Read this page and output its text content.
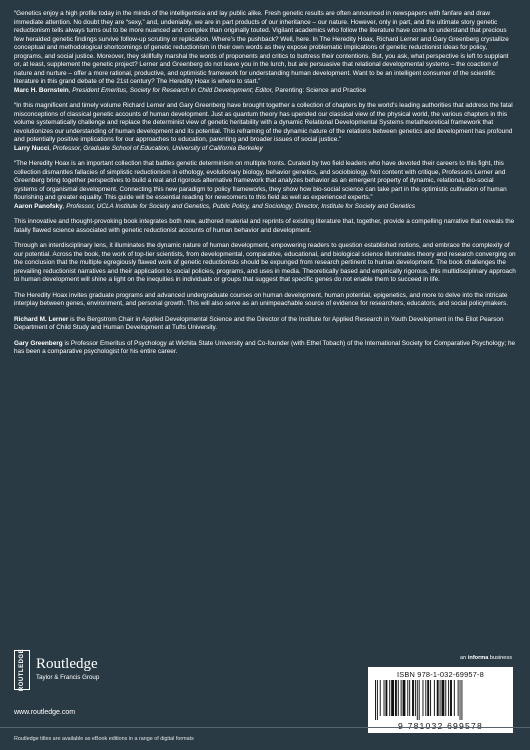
“Genetics enjoy a high profile today in the minds of the intelligentsia and lay public alike. Fresh genetic results are often announced in newspapers with fanfare and draw immediate attention. No doubt they are “sexy,” and, undeniably, we are in part products of our inheritance – our nature. However, only in part, and the ultimate story genetic reductionism tells always turns out to be more nuanced and complex than originally touted. Vigilant academics who follow the literature have come to understand that precious few heralded genetic findings survive follow-up scrutiny or replication. Where’s the pushback? Well, here. In The Heredity Hoax, Richard Lerner and Gary Greenberg crystallize conceptual and methodological shortcomings of genetic reductionism in their own words as they expose problematic implications of genetic reductionist ideas for policy, programs, and social justice. Moreover, they skillfully marshal the words of proponents and critics to buttress their contentions. But, you ask, what perspective is left to supplant or, at least, supplement the genetic project? Lerner and Greenberg do not leave you in the lurch, but are persuasive that relational developmental systems – the coaction of nature and nurture – offer a more rational, productive, and optimistic framework for understanding human development. Want to be an intelligent consumer of the scientific literature in this grand debate of the 21st century? The Heredity Hoax is where to start.”

Marc H. Bornstein, President Emeritus, Society for Research in Child Development; Editor, Parenting: Science and Practice

“In this magnificent and timely volume Richard Lerner and Gary Greenberg have brought together a collection of chapters by the world’s leading authorities that address the fatal misconceptions of classical genetic accounts of human development. Just as quantum theory has upended our classical view of the physical world, the various chapters in this volume systematically challenge and replace the determinist view of genetic heritability with a dynamic Relational Developmental Systems metatheoretical framework that revolutionizes our understanding of human development and its potential. This reframing of the dynamic nature of the relations between genetics and development has profound and potentially positive implications for our approaches to education, parenting and broader issues of social justice.”

Larry Nucci, Professor, Graduate School of Education, University of California Berkeley

“The Heredity Hoax is an important collection that battles genetic determinism on multiple fronts. Curated by two field leaders who have devoted their careers to this fight, this collection dismantles fallacies of simplistic reductionism in ethology, evolutionary biology, behavior genetics, and sociobiology. Not content with critique, Professors Lerner and Greenberg bring together perspectives to build a real and rigorous alternative framework that analyzes behavior as an emergent property of dynamic, relational, bio-social systems of organismal development. Connecting this new paradigm to policy frameworks, they show how bio-social science can take part in the optimistic cultivation of human flourishing and greater equality. This guide will be essential reading for newcomers to this field as well as experienced experts.”

Aaron Panofsky, Professor, UCLA Institute for Society and Genetics, Public Policy, and Sociology; Director, Institute for Society and Genetics

This innovative and thought-provoking book integrates both new, authored material and reprints of existing literature that, together, provide a compelling narrative that reveals the fatally flawed science associated with genetic reductionist accounts of human behavior and development.

Through an interdisciplinary lens, it illuminates the dynamic nature of human development, empowering readers to question established notions, and embrace the complexity of our potential. Across the book, the work of top-tier scientists, from developmental, comparative, educational, and biological science illuminates theory and research converging on the conclusion that the multiple egregiously flawed work of genetic reductionists should be expunged from research pertinent to human development. The book challenges the prevailing reductionist narratives and their application to social policies, programs, and uses in media. Theoretically based and empirically rigorous, this multidisciplinary approach to human development will shine a light on the inequities in individuals or groups that suggest that specific genes do not enable them to succeed in life.

The Heredity Hoax invites graduate programs and advanced undergraduate courses on human development, human potential, epigenetics, and more to delve into the intricate interplay between genes, environment, and personal growth. This will also serve as an unimpeachable source of evidence for researchers, educators, and social policymakers.

Richard M. Lerner is the Bergstrom Chair in Applied Developmental Science and the Director of the Institute for Applied Research in Youth Development in the Eliot Pearson Department of Child Study and Human Development at Tufts University.

Gary Greenberg is Professor Emeritus of Psychology at Wichita State University and Co-founder (with Ethel Tobach) of the International Society for Comparative Psychology; he has been a comparative psychologist for his entire career.

ROUTLEDGE Routledge
Taylor & Francis Group
www.routledge.com
an informa business
ISBN 978-1-032-69957-8
9 781032 699578
Routledge titles are available as eBook editions in a range of digital formats
